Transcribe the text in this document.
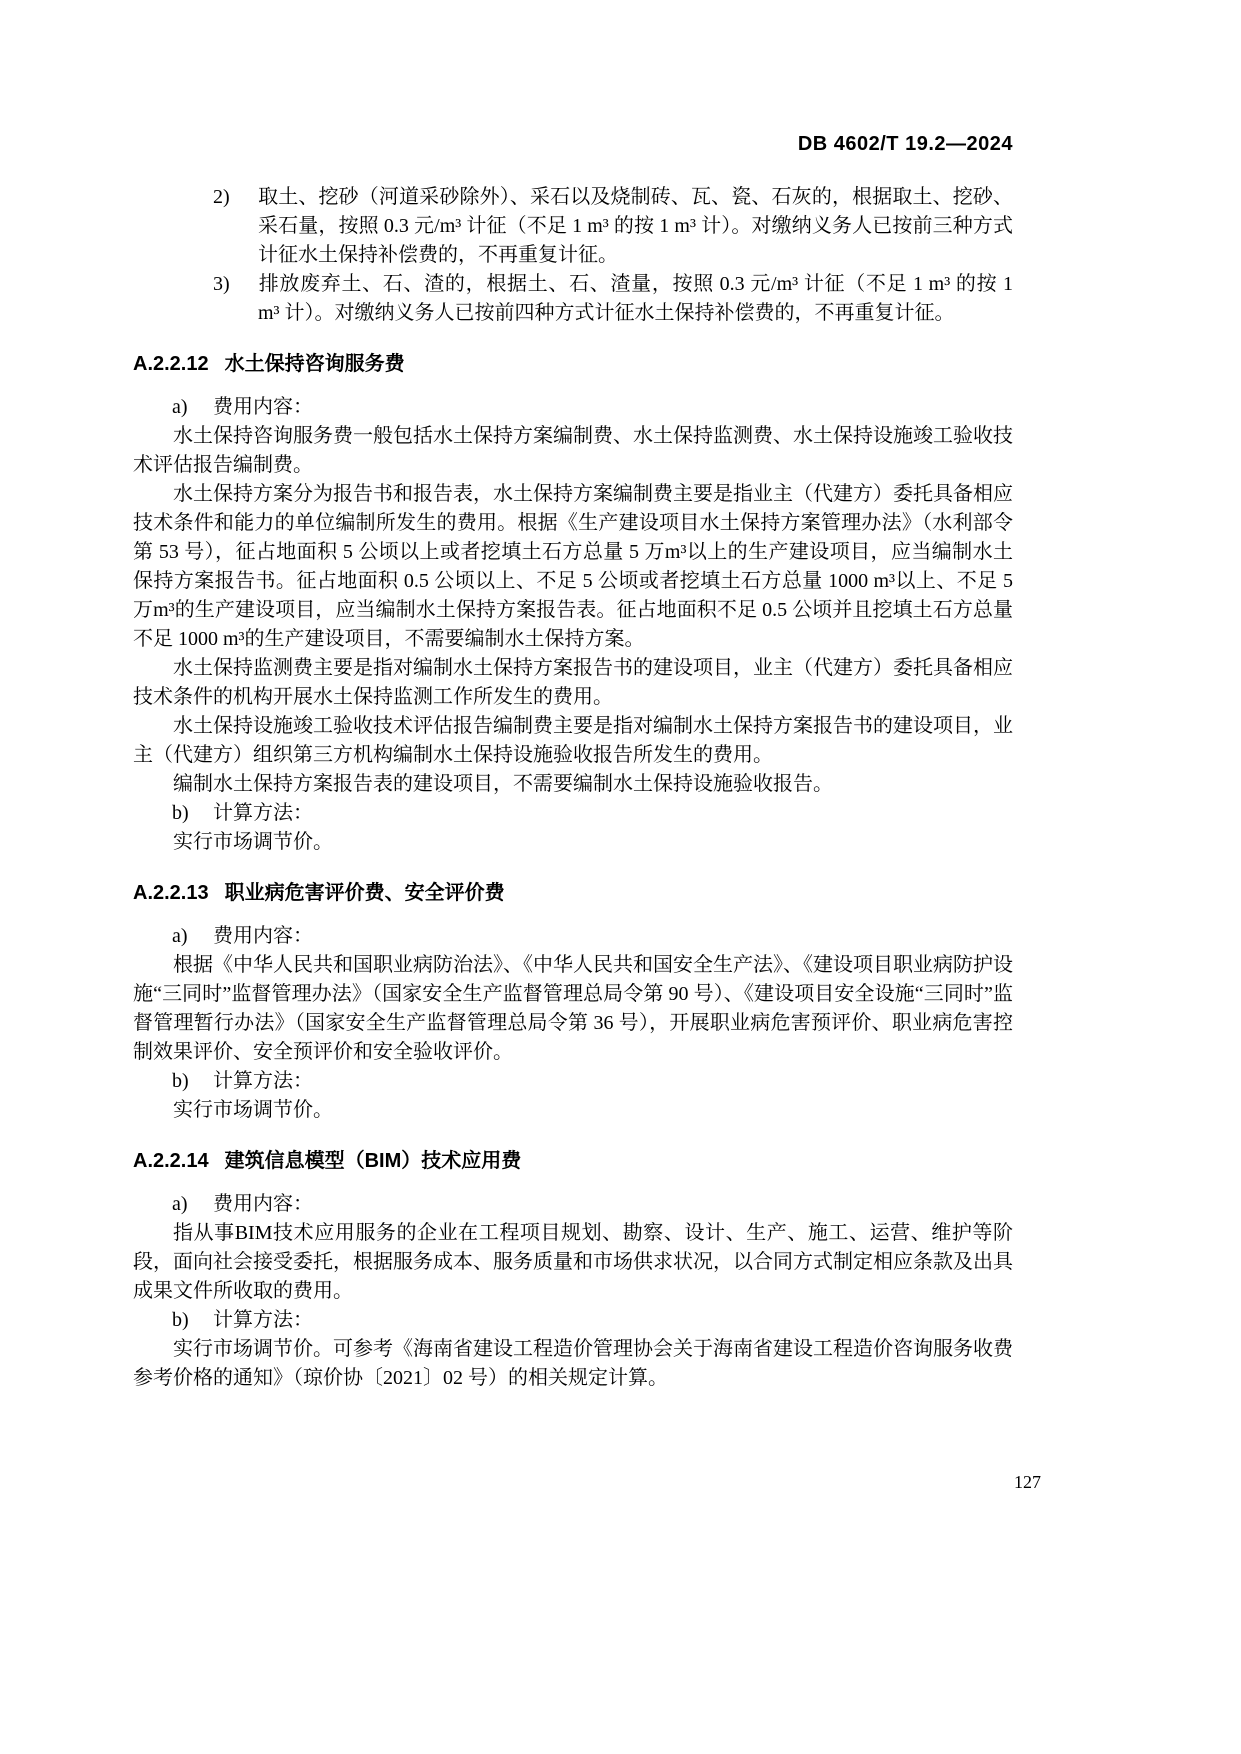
DB 4602/T 19.2—2024
2) 取土、挖砂（河道采砂除外）、采石以及烧制砖、瓦、瓷、石灰的，根据取土、挖砂、采石量，按照 0.3 元/m³ 计征（不足 1 m³ 的按 1 m³ 计）。对缴纳义务人已按前三种方式计征水土保持补偿费的，不再重复计征。
3) 排放废弃土、石、渣的，根据土、石、渣量，按照 0.3 元/m³ 计征（不足 1 m³ 的按 1 m³ 计）。对缴纳义务人已按前四种方式计征水土保持补偿费的，不再重复计征。
A.2.2.12 水土保持咨询服务费
a) 费用内容：

水土保持咨询服务费一般包括水土保持方案编制费、水土保持监测费、水土保持设施竣工验收技术评估报告编制费。

水土保持方案分为报告书和报告表，水土保持方案编制费主要是指业主（代建方）委托具备相应技术条件和能力的单位编制所发生的费用。根据《生产建设项目水土保持方案管理办法》（水利部令第 53 号），征占地面积 5 公顷以上或者挖填土石方总量 5 万m³以上的生产建设项目，应当编制水土保持方案报告书。征占地面积 0.5 公顷以上、不足 5 公顷或者挖填土石方总量 1000 m³以上、不足 5 万m³的生产建设项目，应当编制水土保持方案报告表。征占地面积不足 0.5 公顷并且挖填土石方总量不足 1000 m³的生产建设项目，不需要编制水土保持方案。

水土保持监测费主要是指对编制水土保持方案报告书的建设项目，业主（代建方）委托具备相应技术条件的机构开展水土保持监测工作所发生的费用。

水土保持设施竣工验收技术评估报告编制费主要是指对编制水土保持方案报告书的建设项目，业主（代建方）组织第三方机构编制水土保持设施验收报告所发生的费用。

编制水土保持方案报告表的建设项目，不需要编制水土保持设施验收报告。

b) 计算方法：

实行市场调节价。

A.2.2.13 职业病危害评价费、安全评价费
a) 费用内容：

根据《中华人民共和国职业病防治法》、《中华人民共和国安全生产法》、《建设项目职业病防护设施“三同时”监督管理办法》（国家安全生产监督管理总局令第 90 号）、《建设项目安全设施“三同时”监督管理暂行办法》（国家安全生产监督管理总局令第 36 号），开展职业病危害预评价、职业病危害控制效果评价、安全预评价和安全验收评价。

b) 计算方法：

实行市场调节价。

A.2.2.14 建筑信息模型（BIM）技术应用费
a) 费用内容：

指从事BIM技术应用服务的企业在工程项目规划、勘察、设计、生产、施工、运营、维护等阶段，面向社会接受委托，根据服务成本、服务质量和市场供求状况，以合同方式制定相应条款及出具成果文件所收取的费用。

b) 计算方法：

实行市场调节价。可参考《海南省建设工程造价管理协会关于海南省建设工程造价咨询服务收费参考价格的通知》（琼价协〔2021〕02 号）的相关规定计算。

127
